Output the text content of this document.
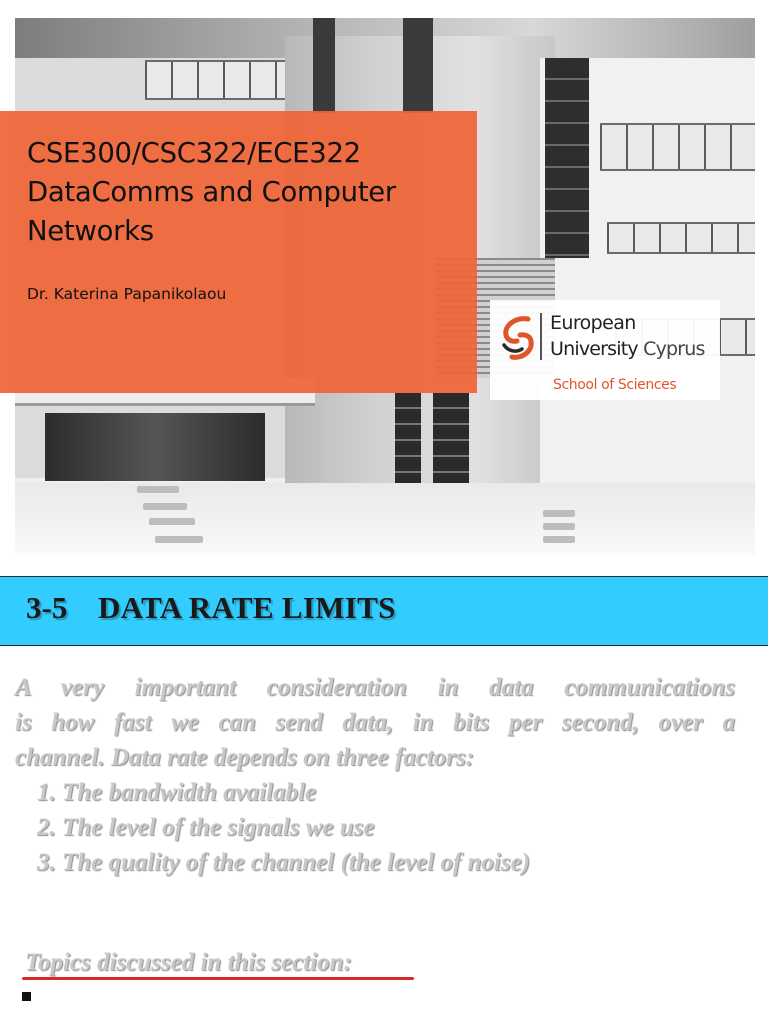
CSE300/CSC322/ECE322
DataComms and Computer
Networks
Dr. Katerina Papanikolaou
European
University Cyprus
School of Sciences
3-5 DATA RATE LIMITS
A very important consideration in data communications
is how fast we can send data, in bits per second, over a
channel. Data rate depends on three factors:
1. The bandwidth available
2. The level of the signals we use
3. The quality of the channel (the level of noise)
Topics discussed in this section:
